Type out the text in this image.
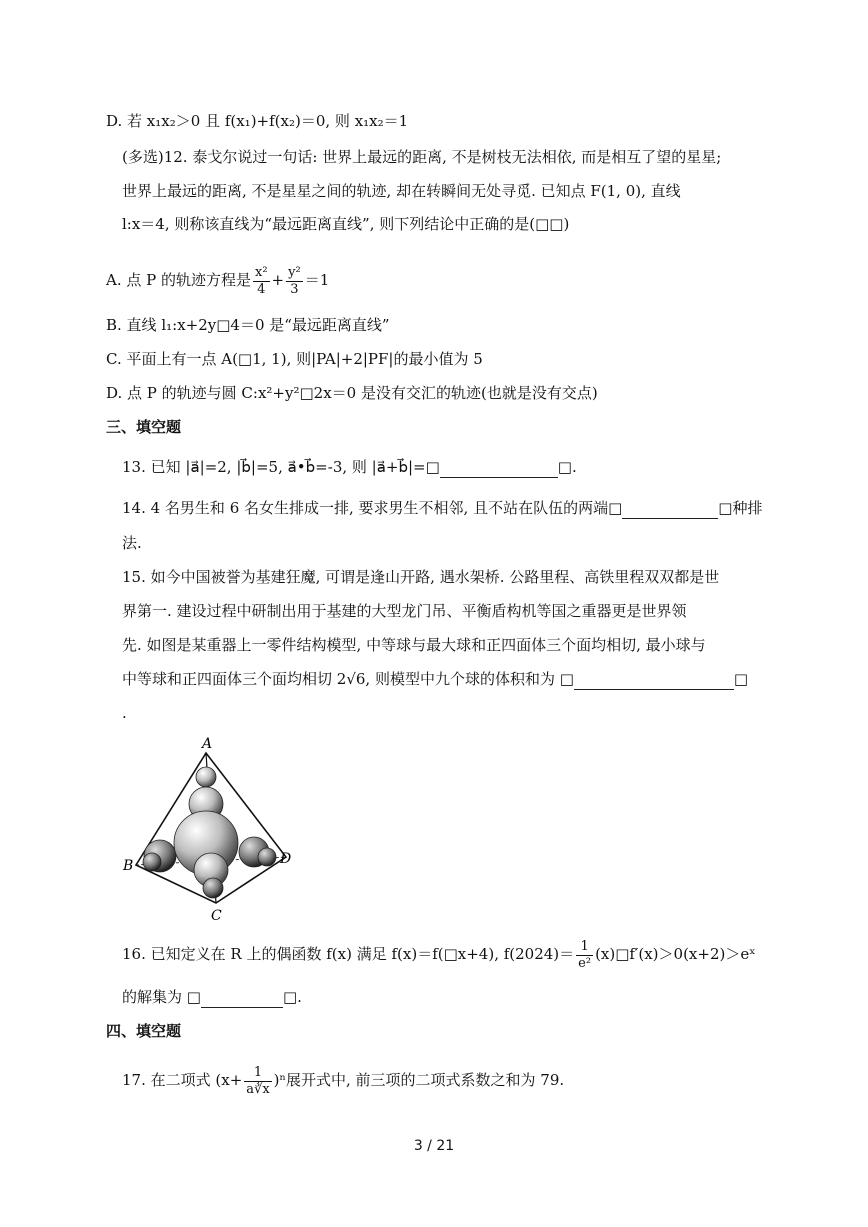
D. 若 x₁x₂＞0 且 f(x₁)+f(x₂)＝0, 则 x₁x₂＝1
(多选)12. 泰戈尔说过一句话: 世界上最远的距离, 不是树枝无法相依, 而是相互了望的星星;
世界上最远的距离, 不是星星之间的轨迹, 却在转瞬间无处寻觅. 已知点 F(1, 0), 直线
l:x＝4, 则称该直线为“最远距离直线”, 则下列结论中正确的是(□□)
A. 点 P 的轨迹方程是 $\frac{\text{x²}}{4} + \frac{\text{y²}}{3} =1$
B. 直线 l₁:x+2y□4＝0 是“最远距离直线”
C. 平面上有一点 A(□1, 1), 则|PA|+2|PF|的最小值为 5
D. 点 P 的轨迹与圆 C:x²+y²□2x＝0 是没有交汇的轨迹(也就是没有交点)
三、填空题
13. 已知 |a⃗|=2, |b⃗|=5, a⃗•b⃗=-3, 则 |a⃗+b⃗|=□	□.
14. 4 名男生和 6 名女生排成一排, 要求男生不相邻, 且不站在队伍的两端□	□种排
法.
15. 如今中国被誉为基建狂魔, 可谓是逢山开路, 遇水架桥. 公路里程、高铁里程双双都是世
界第一. 建设过程中研制出用于基建的大型龙门吊、平衡盾构机等国之重器更是世界领
先. 如图是某重器上一零件结构模型, 中等球与最大球和正四面体三个面均相切, 最小球与
中等球和正四面体三个面均相切 2√6, 则模型中九个球的体积和为 □	□
.
A
B
C
D
16. 已知定义在 R 上的偶函数 f(x) 满足 f(x)＝f(□x+4), $f(2024)= \frac{1}{\text{e²}}$ (x)□f′(x)＞0(x+2)＞eˣ
的解集为 □	□.
四、填空题
17. 在二项式 $(x+ \frac{1}{a∛x} )^n$展开式中, 前三项的二项式系数之和为 79.
3 / 21
